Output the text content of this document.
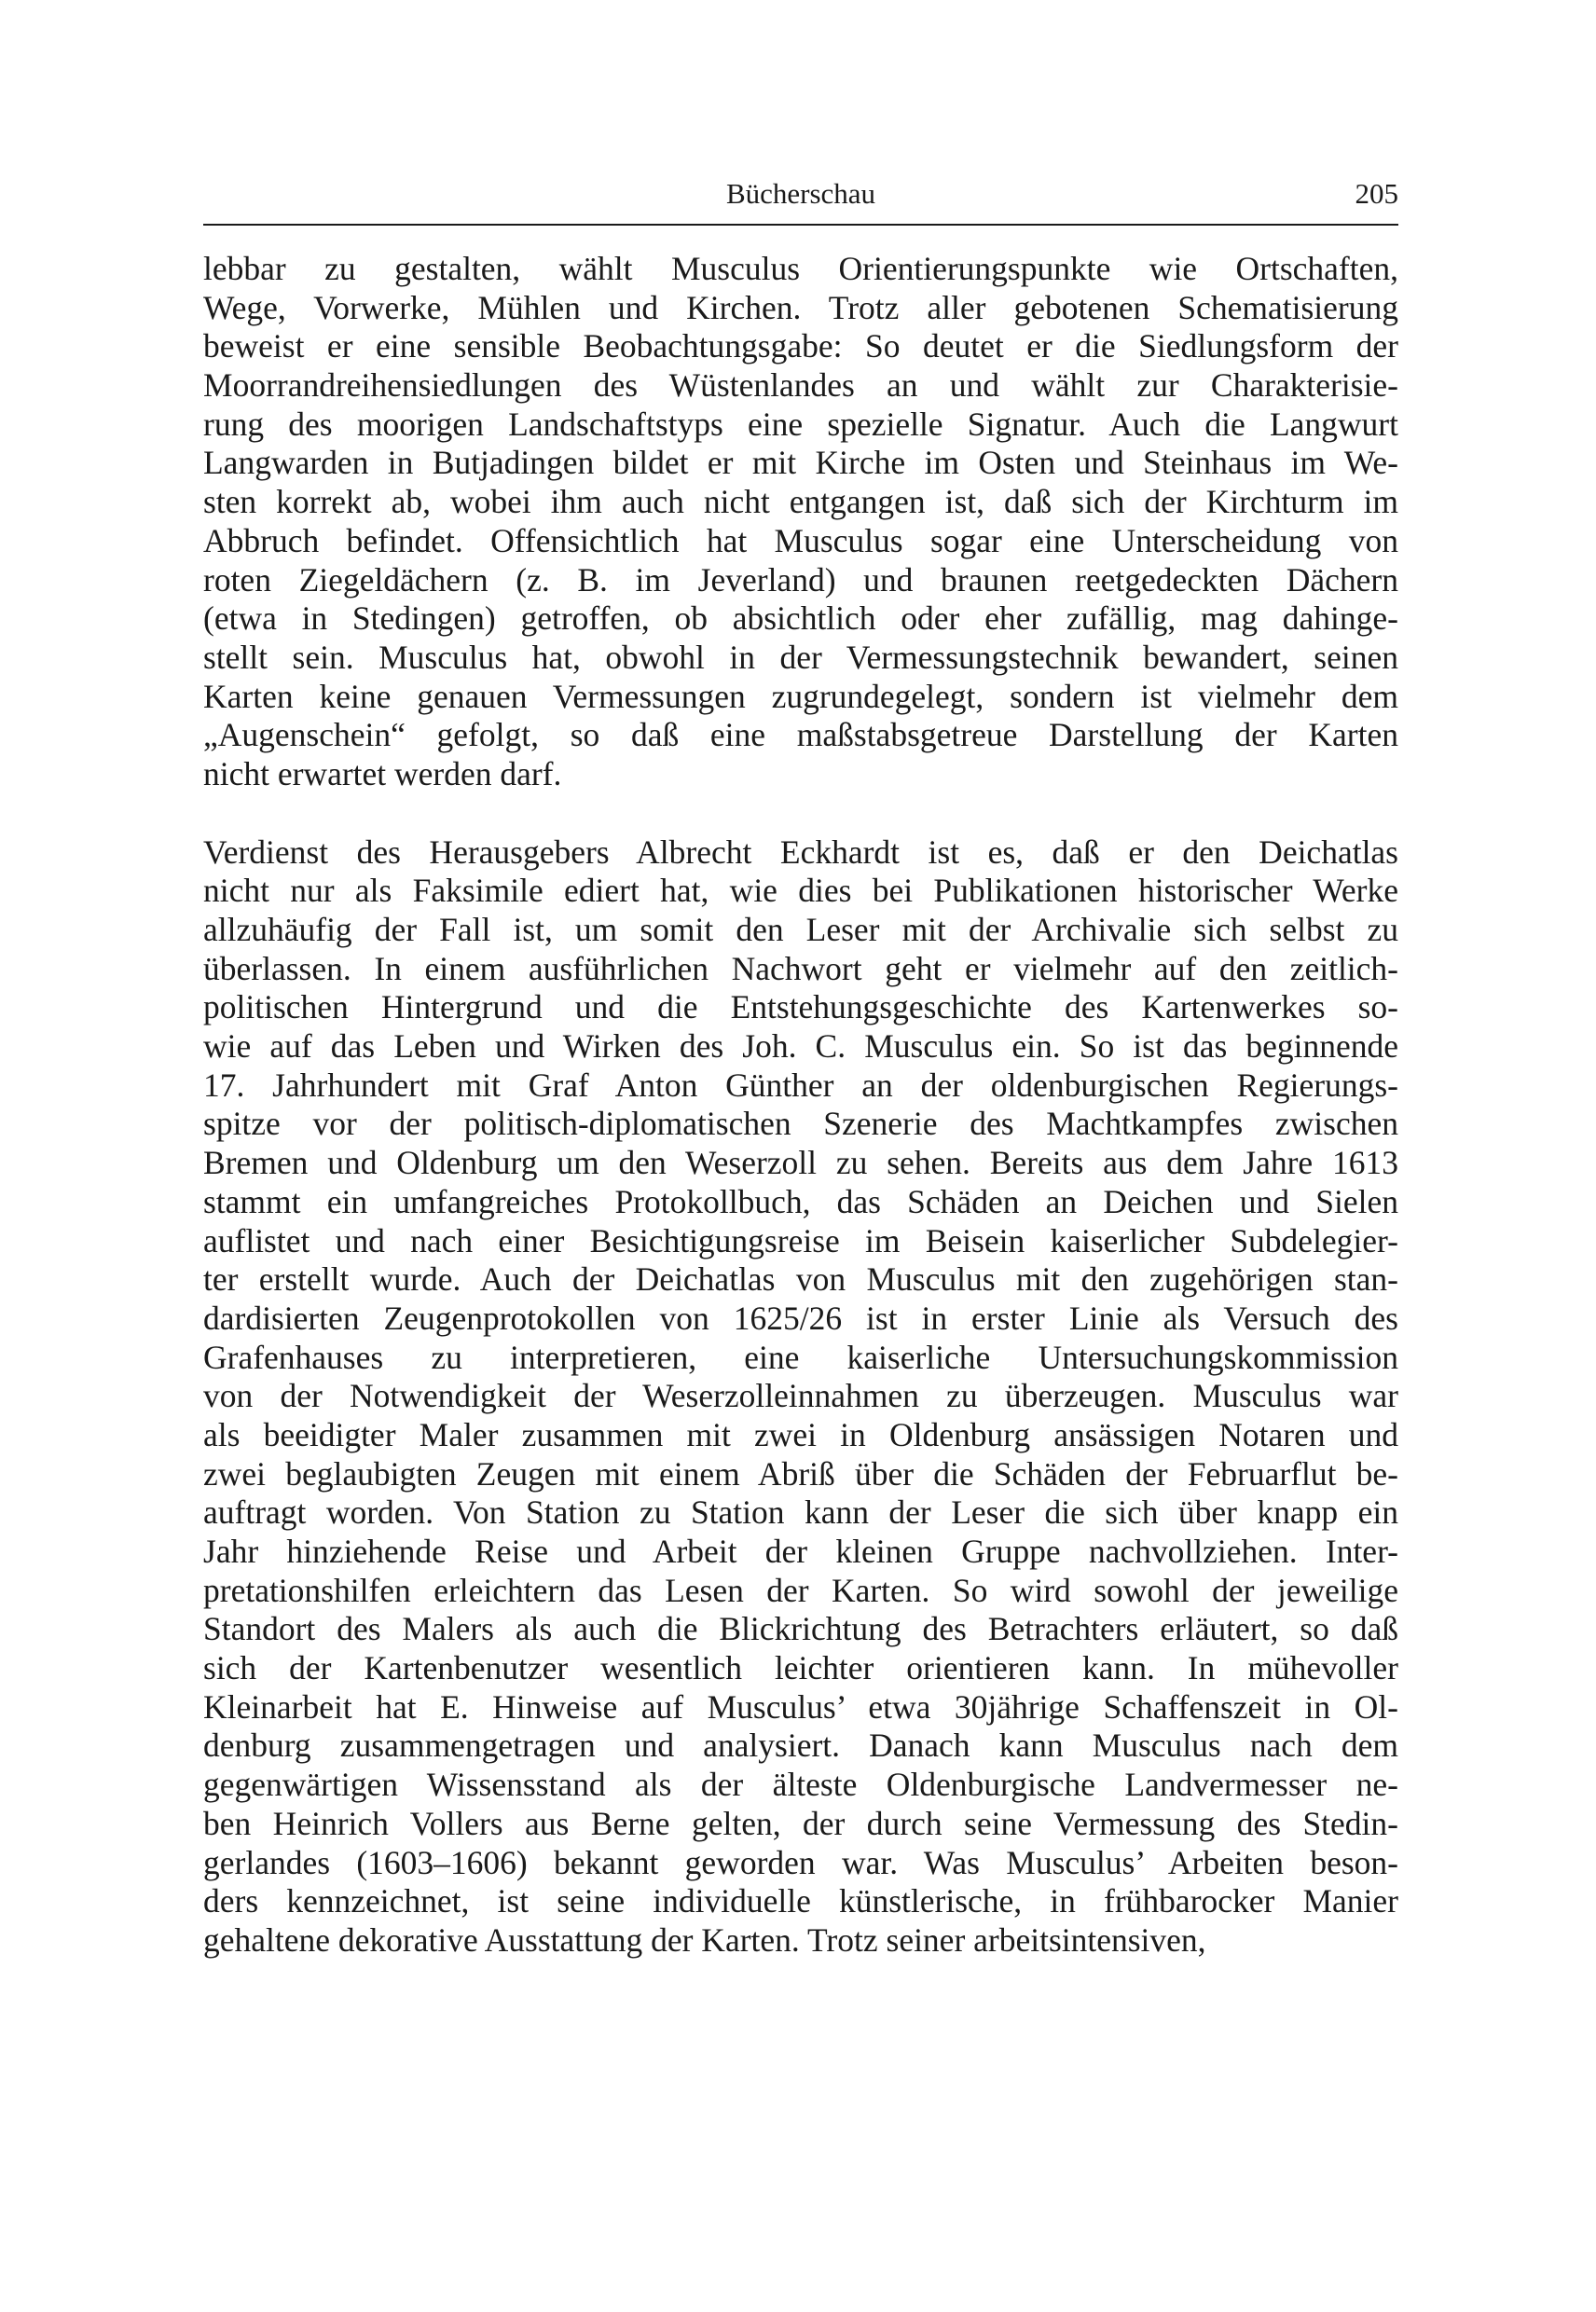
Bücherschau	205
lebbar zu gestalten, wählt Musculus Orientierungspunkte wie Ortschaften,
Wege, Vorwerke, Mühlen und Kirchen. Trotz aller gebotenen Schematisierung
beweist er eine sensible Beobachtungsgabe: So deutet er die Siedlungsform der
Moorrandreihensiedlungen des Wüstenlandes an und wählt zur Charakterisie-
rung des moorigen Landschaftstyps eine spezielle Signatur. Auch die Langwurt
Langwarden in Butjadingen bildet er mit Kirche im Osten und Steinhaus im We-
sten korrekt ab, wobei ihm auch nicht entgangen ist, daß sich der Kirchturm im
Abbruch befindet. Offensichtlich hat Musculus sogar eine Unterscheidung von
roten Ziegeldächern (z. B. im Jeverland) und braunen reetgedeckten Dächern
(etwa in Stedingen) getroffen, ob absichtlich oder eher zufällig, mag dahinge-
stellt sein. Musculus hat, obwohl in der Vermessungstechnik bewandert, seinen
Karten keine genauen Vermessungen zugrundegelegt, sondern ist vielmehr dem
„Augenschein“ gefolgt, so daß eine maßstabsgetreue Darstellung der Karten
nicht erwartet werden darf.
Verdienst des Herausgebers Albrecht Eckhardt ist es, daß er den Deichatlas
nicht nur als Faksimile ediert hat, wie dies bei Publikationen historischer Werke
allzuhäufig der Fall ist, um somit den Leser mit der Archivalie sich selbst zu
überlassen. In einem ausführlichen Nachwort geht er vielmehr auf den zeitlich-
politischen Hintergrund und die Entstehungsgeschichte des Kartenwerkes so-
wie auf das Leben und Wirken des Joh. C. Musculus ein. So ist das beginnende
17. Jahrhundert mit Graf Anton Günther an der oldenburgischen Regierungs-
spitze vor der politisch-diplomatischen Szenerie des Machtkampfes zwischen
Bremen und Oldenburg um den Weserzoll zu sehen. Bereits aus dem Jahre 1613
stammt ein umfangreiches Protokollbuch, das Schäden an Deichen und Sielen
auflistet und nach einer Besichtigungsreise im Beisein kaiserlicher Subdelegier-
ter erstellt wurde. Auch der Deichatlas von Musculus mit den zugehörigen stan-
dardisierten Zeugenprotokollen von 1625/26 ist in erster Linie als Versuch des
Grafenhauses zu interpretieren, eine kaiserliche Untersuchungskommission
von der Notwendigkeit der Weserzolleinnahmen zu überzeugen. Musculus war
als beeidigter Maler zusammen mit zwei in Oldenburg ansässigen Notaren und
zwei beglaubigten Zeugen mit einem Abriß über die Schäden der Februarflut be-
auftragt worden. Von Station zu Station kann der Leser die sich über knapp ein
Jahr hinziehende Reise und Arbeit der kleinen Gruppe nachvollziehen. Inter-
pretationshilfen erleichtern das Lesen der Karten. So wird sowohl der jeweilige
Standort des Malers als auch die Blickrichtung des Betrachters erläutert, so daß
sich der Kartenbenutzer wesentlich leichter orientieren kann. In mühevoller
Kleinarbeit hat E. Hinweise auf Musculus’ etwa 30jährige Schaffenszeit in Ol-
denburg zusammengetragen und analysiert. Danach kann Musculus nach dem
gegenwärtigen Wissensstand als der älteste Oldenburgische Landvermesser ne-
ben Heinrich Vollers aus Berne gelten, der durch seine Vermessung des Stedin-
gerlandes (1603–1606) bekannt geworden war. Was Musculus’ Arbeiten beson-
ders kennzeichnet, ist seine individuelle künstlerische, in frühbarocker Manier
gehaltene dekorative Ausstattung der Karten. Trotz seiner arbeitsintensiven,
